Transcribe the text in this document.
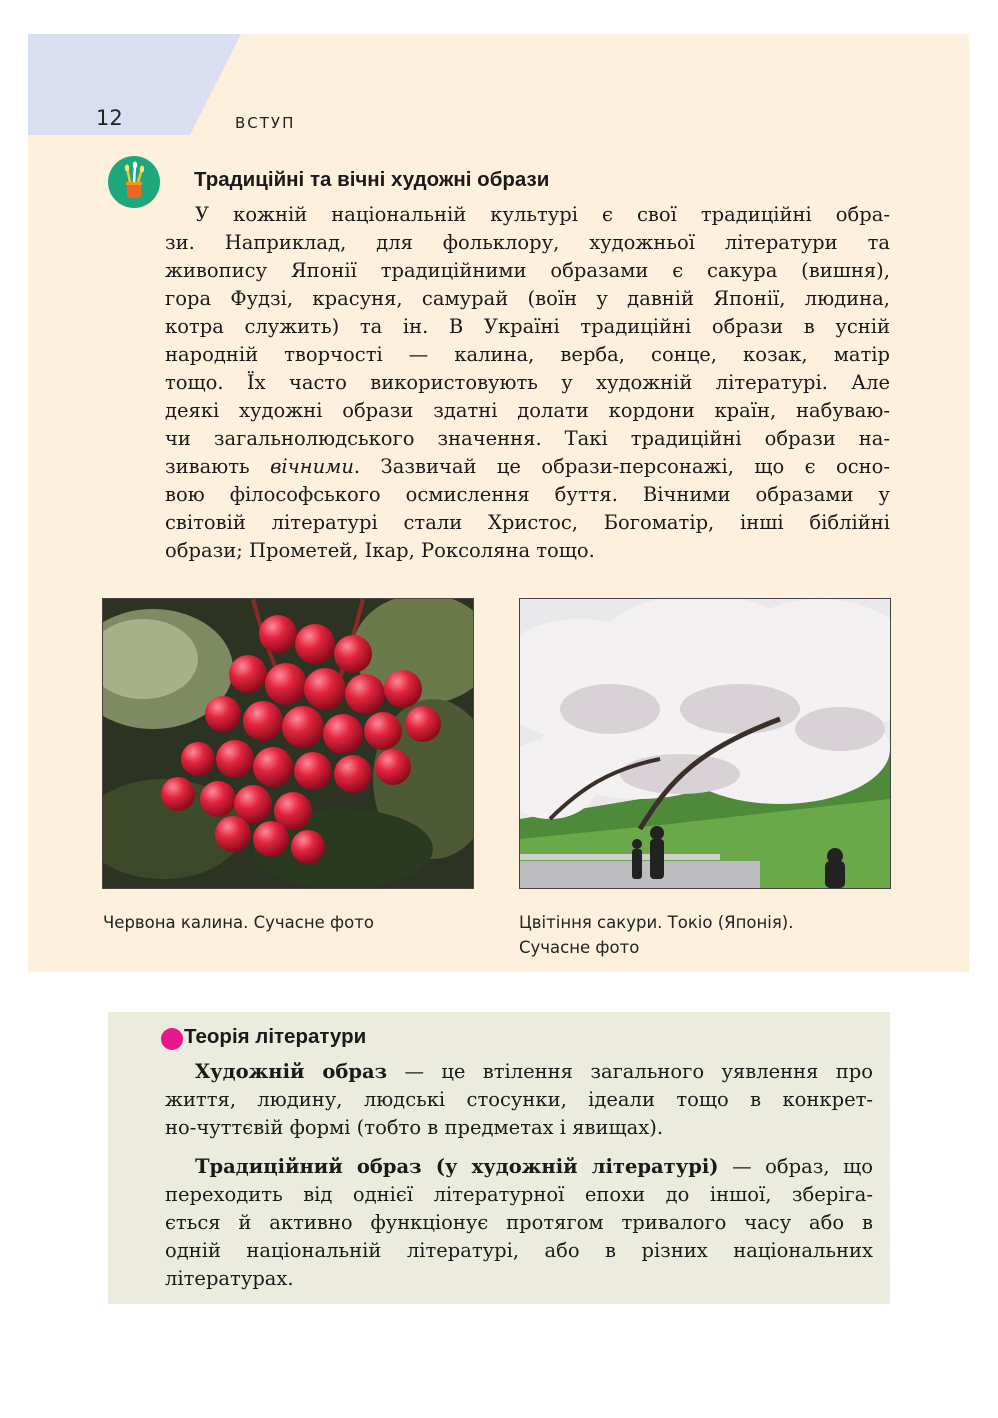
12	ВСТУП
Традиційні та вічні художні образи
У кожній національній культурі є свої традиційні обра-
зи. Наприклад, для фольклору, художньої літератури та
живопису Японії традиційними образами є сакура (вишня),
гора Фудзі, красуня, самурай (воїн у давній Японії, людина,
котра служить) та ін. В Україні традиційні образи в усній
народній творчості — калина, верба, сонце, козак, матір
тощо. Їх часто використовують у художній літературі. Але
деякі художні образи здатні долати кордони країн, набуваю-
чи загальнолюдського значення. Такі традиційні образи на-
зивають вічними. Зазвичай це образи-персонажі, що є осно-
вою філософського осмислення буття. Вічними образами у
світовій літературі стали Христос, Богоматір, інші біблійні
образи; Прометей, Ікар, Роксоляна тощо.
Червона калина. Сучасне фото	Цвітіння сакури. Токіо (Японія).
Сучасне фото
Теорія літератури
Художній образ — це втілення загального уявлення про
життя, людину, людські стосунки, ідеали тощо в конкрет-
но-чуттєвій формі (тобто в предметах і явищах).
Традиційний образ (у художній літературі) — образ, що
переходить від однієї літературної епохи до іншої, зберіга-
ється й активно функціонує протягом тривалого часу або в
одній національній літературі, або в різних національних
літературах.
